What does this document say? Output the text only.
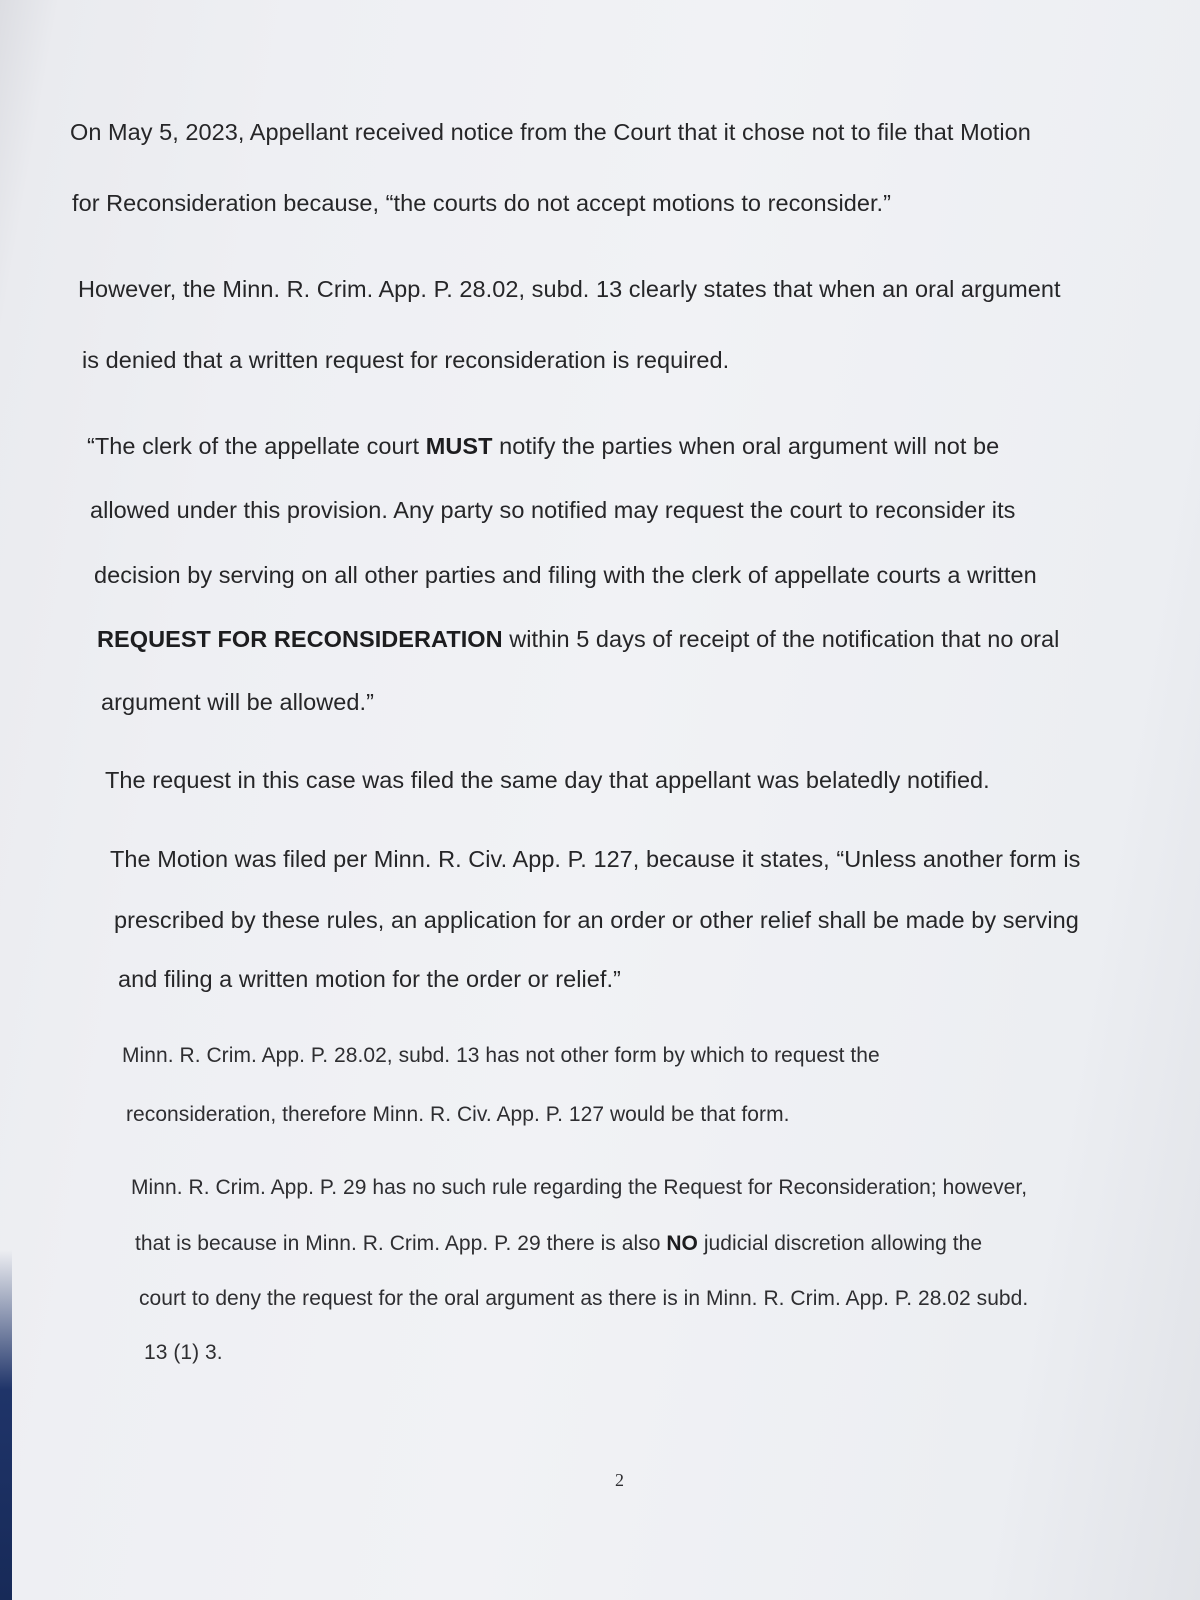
On May 5, 2023, Appellant received notice from the Court that it chose not to file that Motion
for Reconsideration because, “the courts do not accept motions to reconsider.”
However, the Minn. R. Crim. App. P. 28.02, subd. 13 clearly states that when an oral argument
is denied that a written request for reconsideration is required.
“The clerk of the appellate court MUST notify the parties when oral argument will not be
allowed under this provision. Any party so notified may request the court to reconsider its
decision by serving on all other parties and filing with the clerk of appellate courts a written
REQUEST FOR RECONSIDERATION within 5 days of receipt of the notification that no oral
argument will be allowed.”
The request in this case was filed the same day that appellant was belatedly notified.
The Motion was filed per Minn. R. Civ. App. P. 127, because it states, “Unless another form is
prescribed by these rules, an application for an order or other relief shall be made by serving
and filing a written motion for the order or relief.”
Minn. R. Crim. App. P. 28.02, subd. 13 has not other form by which to request the
reconsideration, therefore Minn. R. Civ. App. P. 127 would be that form.
Minn. R. Crim. App. P. 29 has no such rule regarding the Request for Reconsideration; however,
that is because in Minn. R. Crim. App. P. 29 there is also NO judicial discretion allowing the
court to deny the request for the oral argument as there is in Minn. R. Crim. App. P. 28.02 subd.
13 (1) 3.
2
